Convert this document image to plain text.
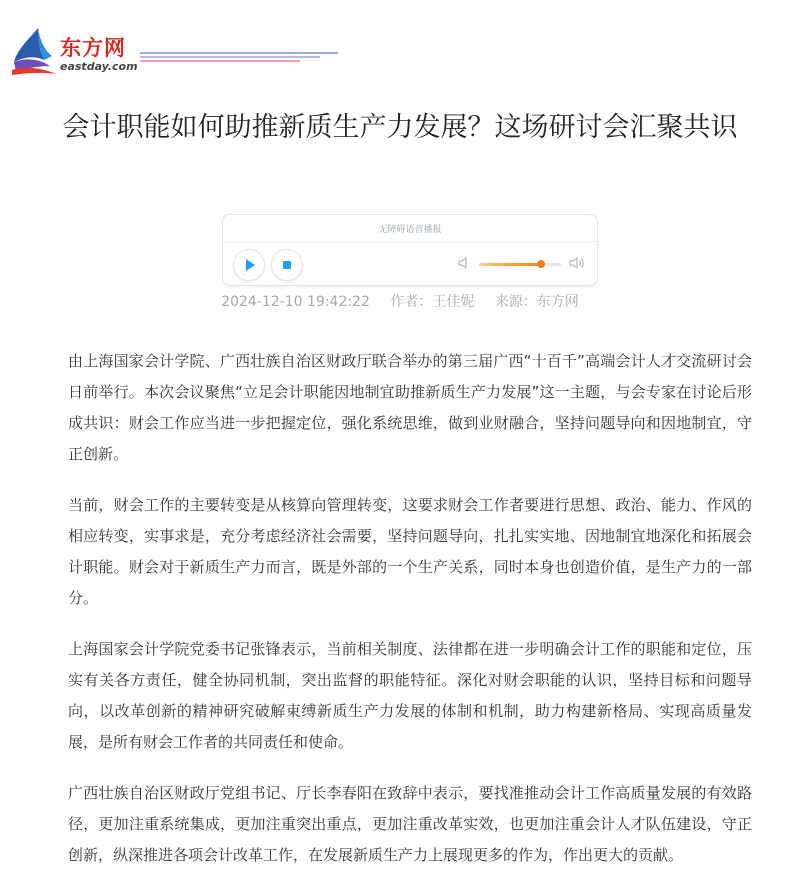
东方网
eastday.com
会计职能如何助推新质生产力发展？这场研讨会汇聚共识
无障碍语音播报
2024-12-10 19:42:22 作者：王佳妮 来源：东方网

由上海国家会计学院、广西壮族自治区财政厅联合举办的第三届广西“十百千”高端会计人才交流研讨会日前举行。本次会议聚焦“立足会计职能因地制宜助推新质生产力发展”这一主题，与会专家在讨论后形成共识：财会工作应当进一步把握定位，强化系统思维，做到业财融合，坚持问题导向和因地制宜，守正创新。

当前，财会工作的主要转变是从核算向管理转变，这要求财会工作者要进行思想、政治、能力、作风的相应转变，实事求是，充分考虑经济社会需要，坚持问题导向，扎扎实实地、因地制宜地深化和拓展会计职能。财会对于新质生产力而言，既是外部的一个生产关系，同时本身也创造价值，是生产力的一部分。

上海国家会计学院党委书记张锋表示，当前相关制度、法律都在进一步明确会计工作的职能和定位，压实有关各方责任，健全协同机制，突出监督的职能特征。深化对财会职能的认识，坚持目标和问题导向，以改革创新的精神研究破解束缚新质生产力发展的体制和机制，助力构建新格局、实现高质量发展，是所有财会工作者的共同责任和使命。

广西壮族自治区财政厅党组书记、厅长李春阳在致辞中表示，要找准推动会计工作高质量发展的有效路径，更加注重系统集成，更加注重突出重点，更加注重改革实效，也更加注重会计人才队伍建设，守正创新，纵深推进各项会计改革工作，在发展新质生产力上展现更多的作为，作出更大的贡献。
